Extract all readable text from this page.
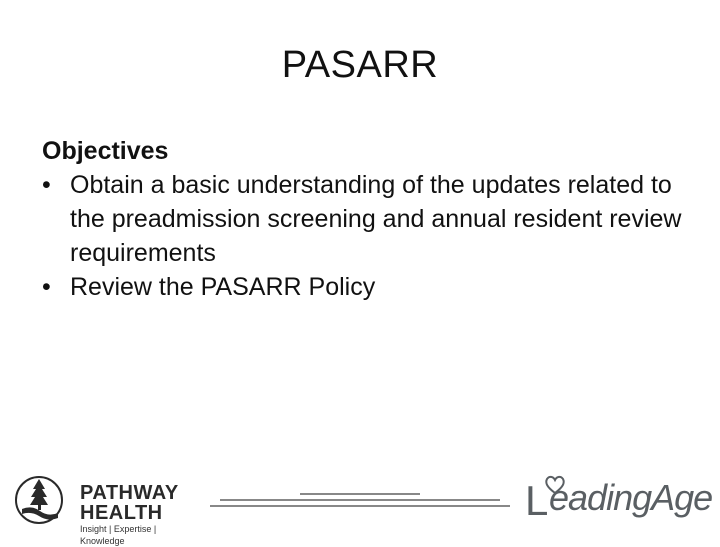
PASARR
Objectives
• Obtain a basic understanding of the updates related to the preadmission screening and annual resident review requirements
• Review the PASARR Policy
PATHWAY
HEALTH
Insight | Expertise | Knowledge
L eadingAge
